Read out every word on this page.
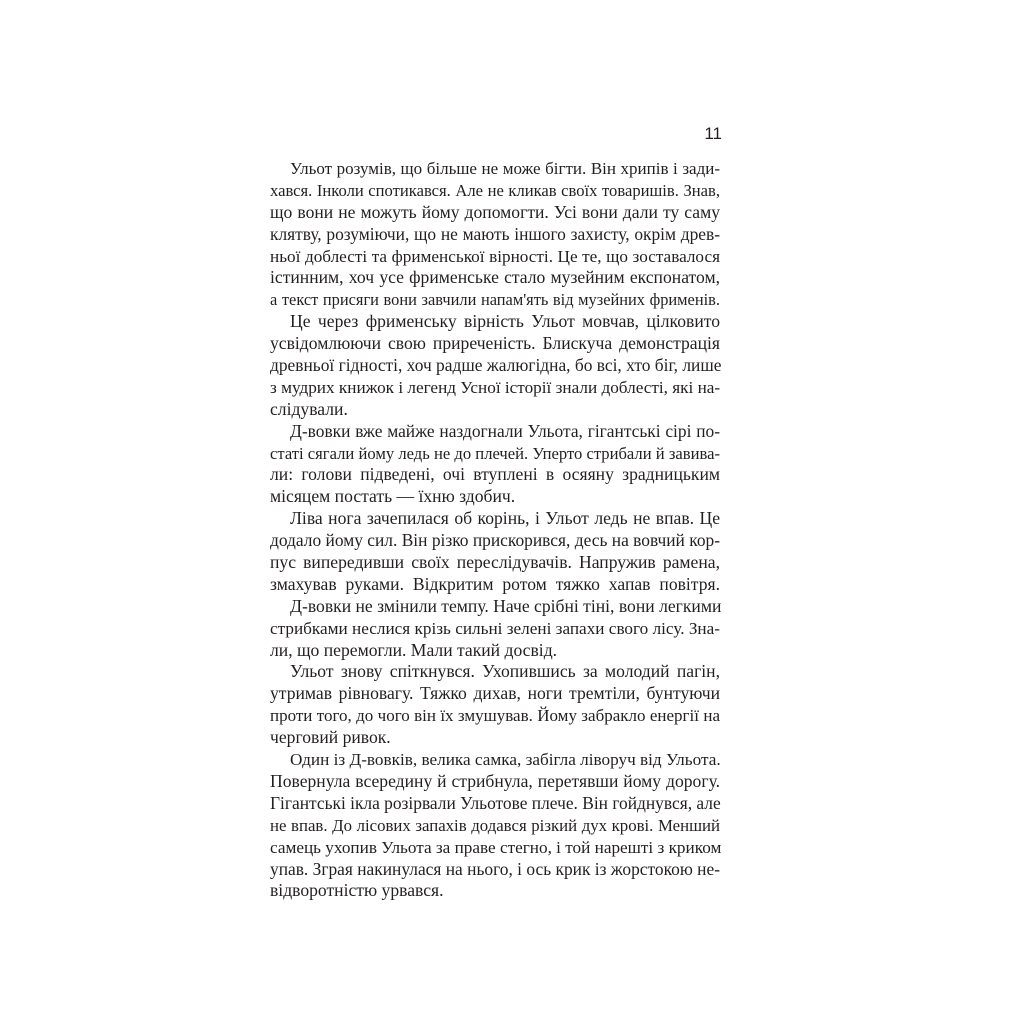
11
Ульот розумів, що більше не може бігти. Він хрипів і зади-
хався. Інколи спотикався. Але не кликав своїх товаришів. Знав,
що вони не можуть йому допомогти. Усі вони дали ту саму
клятву, розуміючи, що не мають іншого захисту, окрім древ-
ньої доблесті та фрименської вірності. Це те, що зоставалося
істинним, хоч усе фрименське стало музейним експонатом,
а текст присяги вони завчили напам'ять від музейних фрименів.
Це через фрименську вірність Ульот мовчав, цілковито
усвідомлюючи свою приреченість. Блискуча демонстрація
древньої гідності, хоч радше жалюгідна, бо всі, хто біг, лише
з мудрих книжок і легенд Усної історії знали доблесті, які на-
слідували.
Д-вовки вже майже наздогнали Ульота, гігантські сірі по-
статі сягали йому ледь не до плечей. Уперто стрибали й завива-
ли: голови підведені, очі втуплені в осяяну зрадницьким
місяцем постать — їхню здобич.
Ліва нога зачепилася об корінь, і Ульот ледь не впав. Це
додало йому сил. Він різко прискорився, десь на вовчий кор-
пус випередивши своїх переслідувачів. Напружив рамена,
змахував руками. Відкритим ротом тяжко хапав повітря.
Д-вовки не змінили темпу. Наче срібні тіні, вони легкими
стрибками неслися крізь сильні зелені запахи свого лісу. Зна-
ли, що перемогли. Мали такий досвід.
Ульот знову спіткнувся. Ухопившись за молодий пагін,
утримав рівновагу. Тяжко дихав, ноги тремтіли, бунтуючи
проти того, до чого він їх змушував. Йому забракло енергії на
черговий ривок.
Один із Д-вовків, велика самка, забігла ліворуч від Ульота.
Повернула всередину й стрибнула, перетявши йому дорогу.
Гігантські ікла розірвали Ульотове плече. Він гойднувся, але
не впав. До лісових запахів додався різкий дух крові. Менший
самець ухопив Ульота за праве стегно, і той нарешті з криком
упав. Зграя накинулася на нього, і ось крик із жорстокою не-
відворотністю урвався.
